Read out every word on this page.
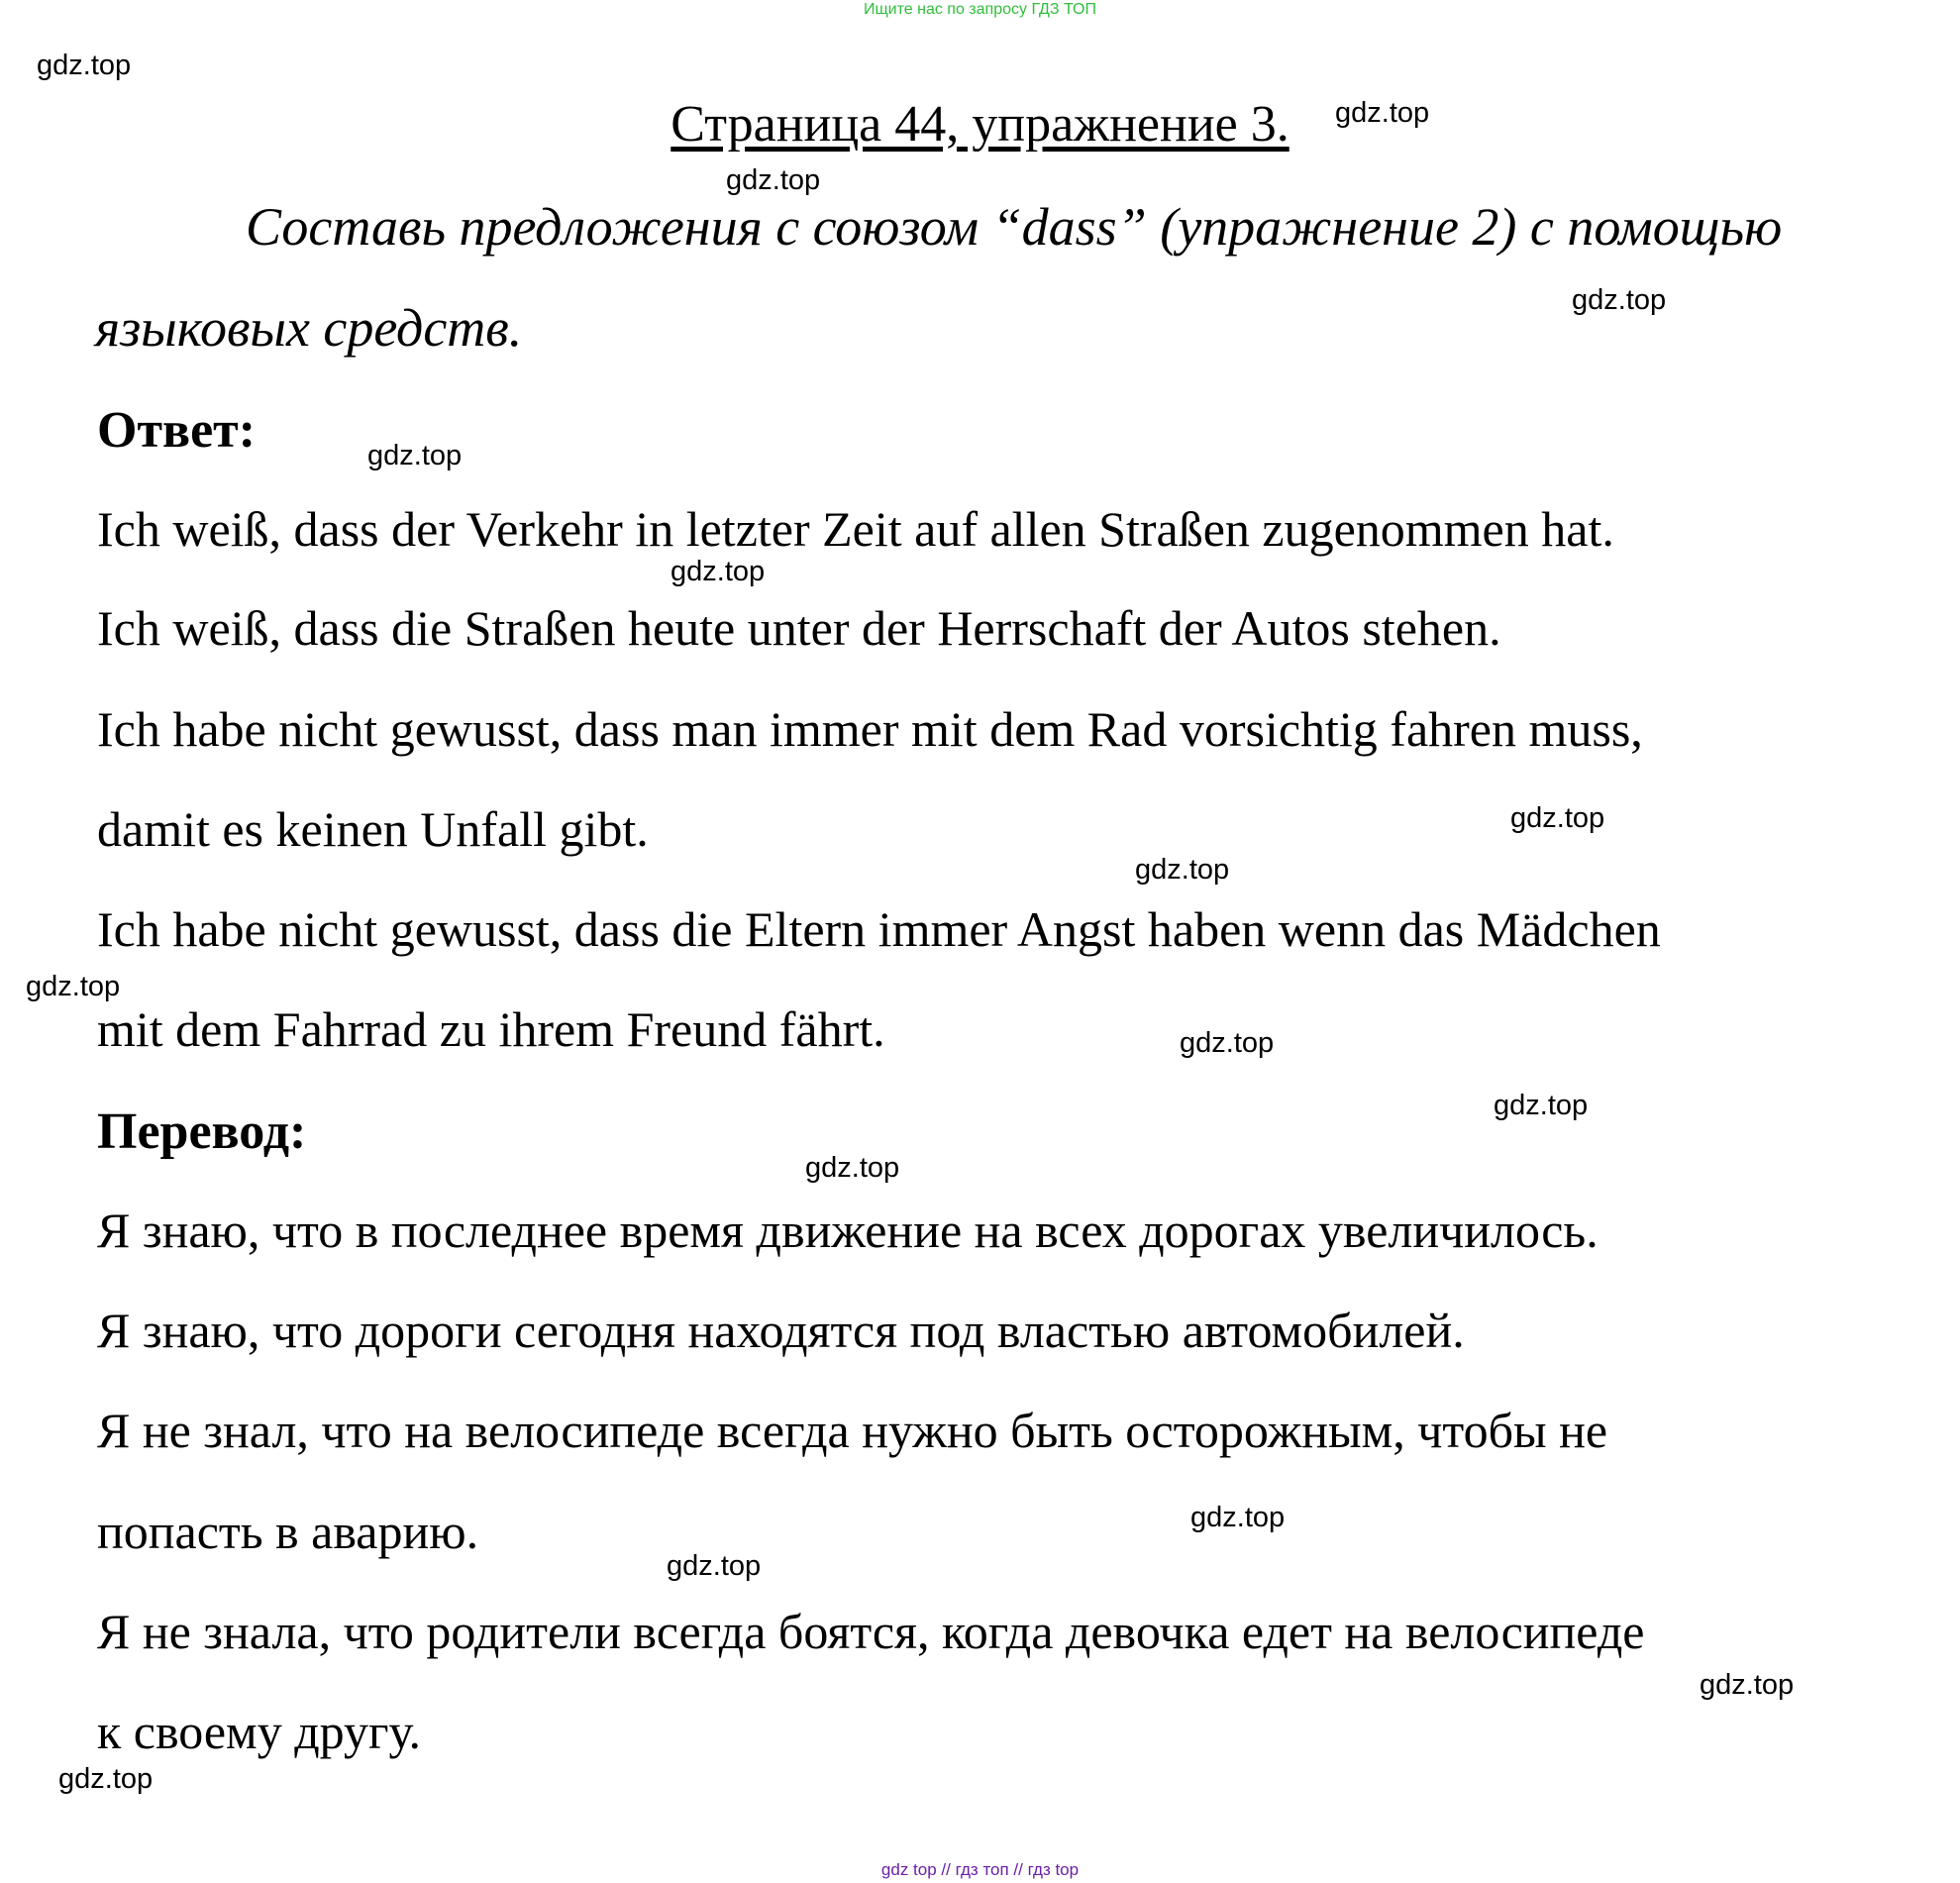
Ищите нас по запросу ГДЗ ТОП
Страница 44, упражнение 3.
Составь предложения с союзом “dass” (упражнение 2) с помощью
языковых средств.
Ответ:
Ich weiß, dass der Verkehr in letzter Zeit auf allen Straßen zugenommen hat.
Ich weiß, dass die Straßen heute unter der Herrschaft der Autos stehen.
Ich habe nicht gewusst, dass man immer mit dem Rad vorsichtig fahren muss,
damit es keinen Unfall gibt.
Ich habe nicht gewusst, dass die Eltern immer Angst haben wenn das Mädchen
mit dem Fahrrad zu ihrem Freund fährt.
Перевод:
Я знаю, что в последнее время движение на всех дорогах увеличилось.
Я знаю, что дороги сегодня находятся под властью автомобилей.
Я не знал, что на велосипеде всегда нужно быть осторожным, чтобы не
попасть в аварию.
Я не знала, что родители всегда боятся, когда девочка едет на велосипеде
к своему другу.
gdz.top
gdz.top
gdz.top
gdz.top
gdz.top
gdz.top
gdz.top
gdz.top
gdz.top
gdz.top
gdz.top
gdz.top
gdz.top
gdz.top
gdz.top
gdz.top
gdz top // гдз топ // гдз top
